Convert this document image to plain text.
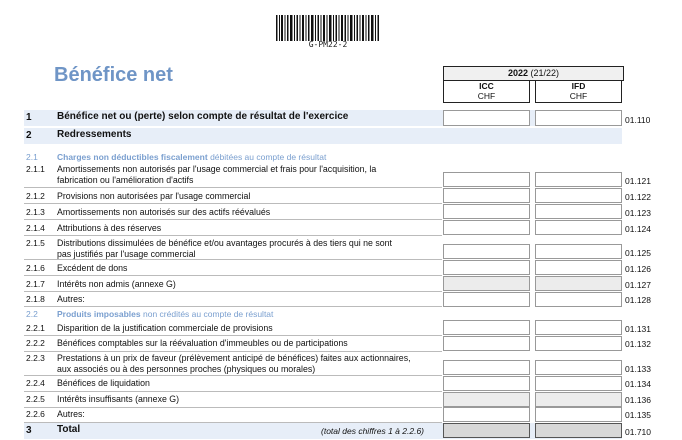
G-PM22-2
Bénéfice net	2022 (21/22)
ICC
CHF
IFD
CHF
1	Bénéfice net ou (perte) selon compte de résultat de l'exercice	01.110
2	Redressements
2.1 Charges non déductibles fiscalement débitées au compte de résultat
2.1.1 Amortissements non autorisés par l'usage commercial et frais pour l'acquisition, la
fabrication ou l'amélioration d'actifs	01.121
2.1.2 Provisions non autorisées par l'usage commercial	01.122
2.1.3 Amortissements non autorisés sur des actifs réévalués	01.123
2.1.4 Attributions à des réserves	01.124
2.1.5 Distributions dissimulées de bénéfice et/ou avantages procurés à des tiers qui ne sont
pas justifiés par l'usage commercial	01.125
2.1.6 Excédent de dons	01.126
2.1.7 Intérêts non admis (annexe G)	01.127
2.1.8 Autres:	01.128
2.2 Produits imposables non crédités au compte de résultat
2.2.1 Disparition de la justification commerciale de provisions	01.131
2.2.2 Bénéfices comptables sur la réévaluation d'immeubles ou de participations	01.132
2.2.3 Prestations à un prix de faveur (prélèvement anticipé de bénéfices) faites aux actionnaires,
aux associés ou à des personnes proches (physiques ou morales)	01.133
2.2.4 Bénéfices de liquidation	01.134
2.2.5 Intérêts insuffisants (annexe G)	01.136
2.2.6 Autres:	01.135
3	Total	(total des chiffres 1 à 2.2.6)	01.710
